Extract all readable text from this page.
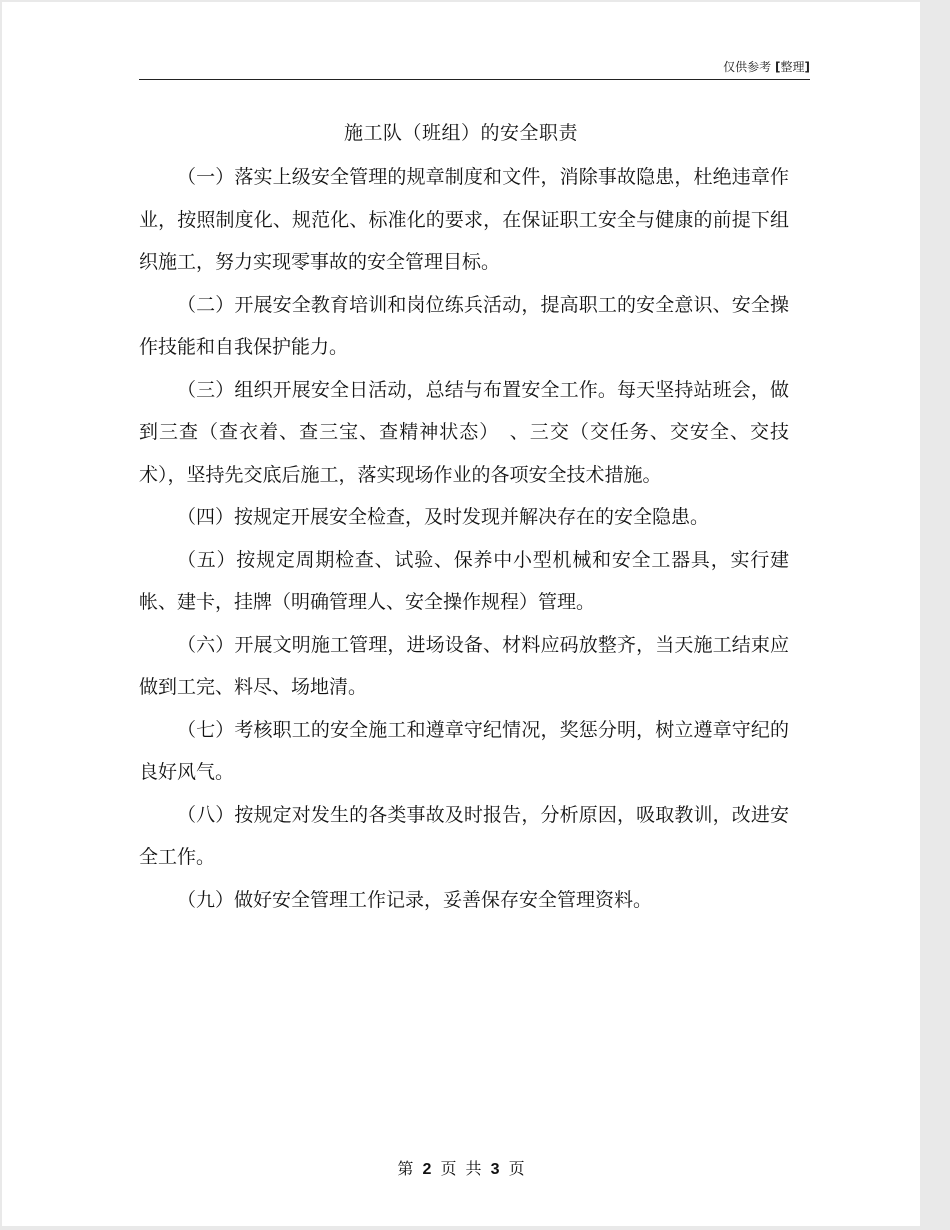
仅供参考 [整理]
施工队（班组）的安全职责

（一）落实上级安全管理的规章制度和文件，消除事故隐患，杜绝违章作业，按照制度化、规范化、标准化的要求，在保证职工安全与健康的前提下组织施工，努力实现零事故的安全管理目标。

（二）开展安全教育培训和岗位练兵活动，提高职工的安全意识、安全操作技能和自我保护能力。

（三）组织开展安全日活动，总结与布置安全工作。每天坚持站班会，做到三查（查衣着、查三宝、查精神状态）　、三交（交任务、交安全、交技术），坚持先交底后施工，落实现场作业的各项安全技术措施。

（四）按规定开展安全检查，及时发现并解决存在的安全隐患。

（五）按规定周期检查、试验、保养中小型机械和安全工器具，实行建帐、建卡，挂牌（明确管理人、安全操作规程）管理。

（六）开展文明施工管理，进场设备、材料应码放整齐，当天施工结束应做到工完、料尽、场地清。

（七）考核职工的安全施工和遵章守纪情况，奖惩分明，树立遵章守纪的良好风气。

（八）按规定对发生的各类事故及时报告，分析原因，吸取教训，改进安全工作。

（九）做好安全管理工作记录，妥善保存安全管理资料。

第 2 页 共 3 页
